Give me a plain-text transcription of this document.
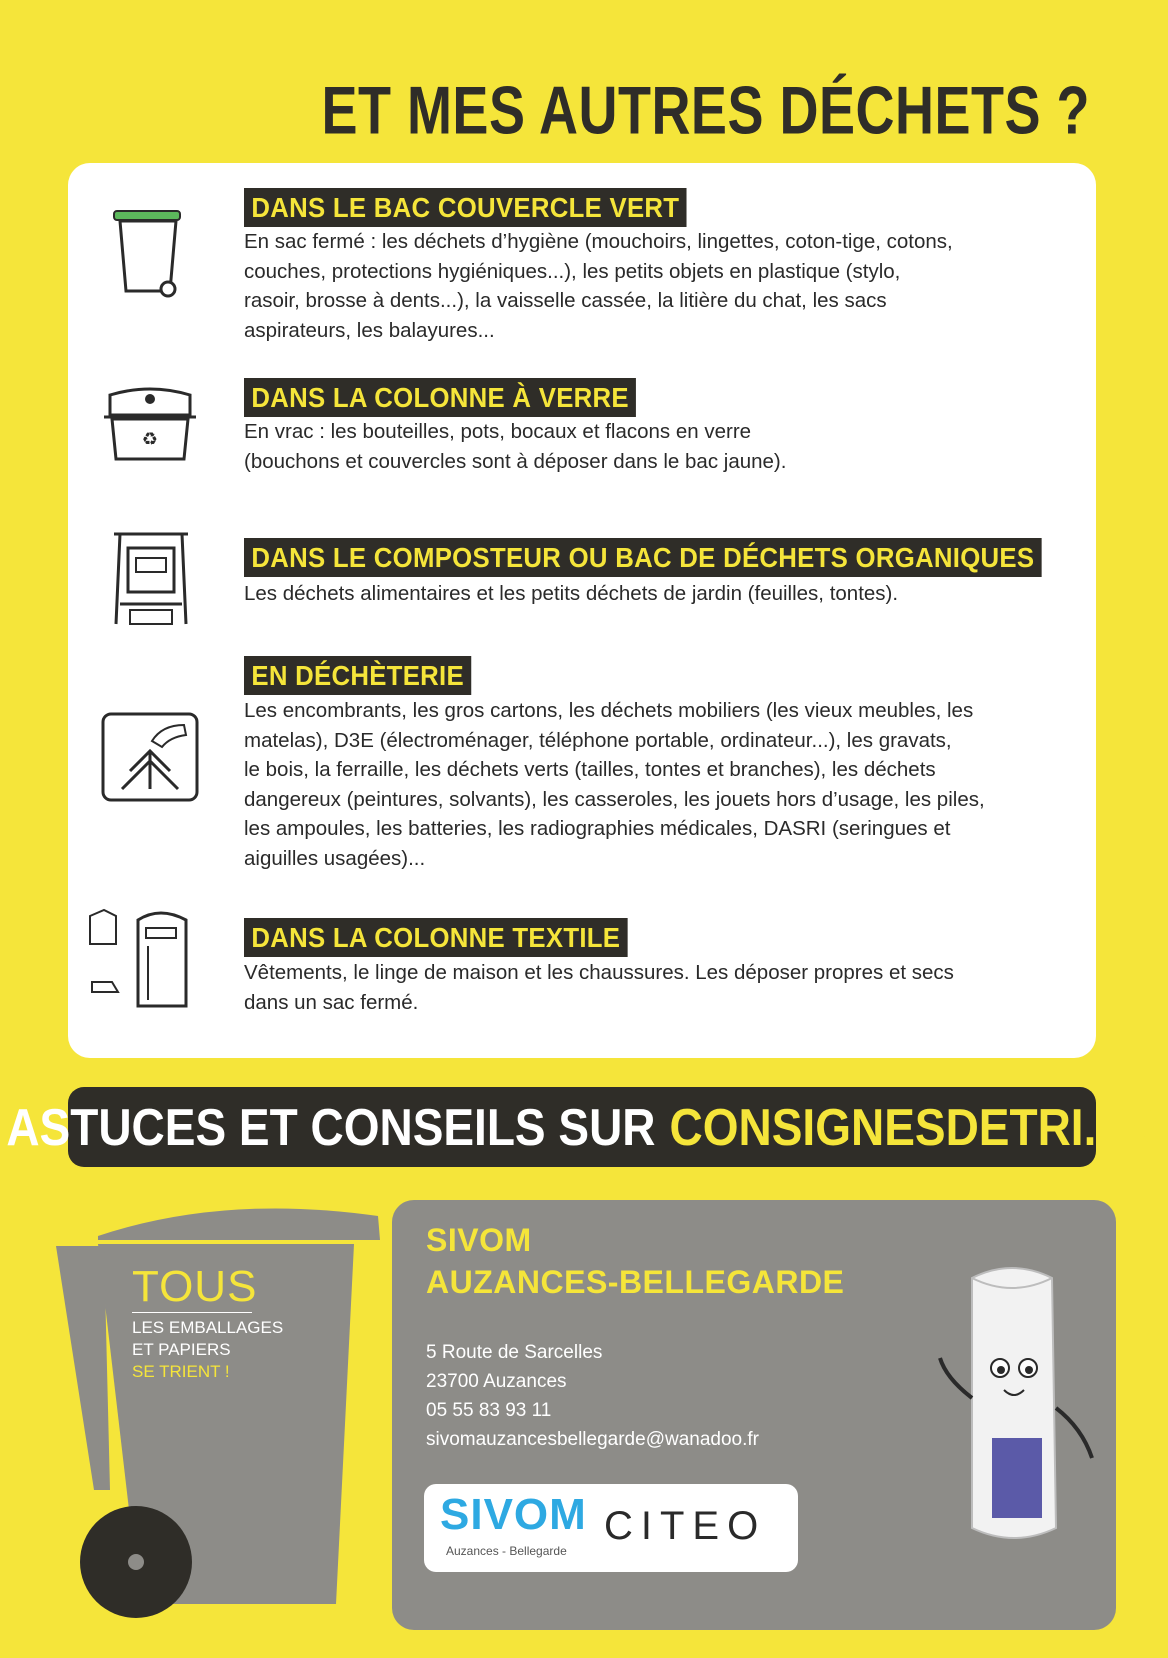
ET MES AUTRES DÉCHETS ?
DANS LE BAC COUVERCLE VERT
En sac fermé : les déchets d’hygiène (mouchoirs, lingettes, coton-tige, cotons,
couches, protections hygiéniques...), les petits objets en plastique (stylo,
rasoir, brosse à dents...), la vaisselle cassée, la litière du chat, les sacs
aspirateurs, les balayures...
♻
DANS LA COLONNE À VERRE
En vrac : les bouteilles, pots, bocaux et flacons en verre
(bouchons et couvercles sont à déposer dans le bac jaune).
DANS LE COMPOSTEUR OU BAC DE DÉCHETS ORGANIQUES
Les déchets alimentaires et les petits déchets de jardin (feuilles, tontes).
EN DÉCHÈTERIE
Les encombrants, les gros cartons, les déchets mobiliers (les vieux meubles, les
matelas), D3E (électroménager, téléphone portable, ordinateur...), les gravats,
le bois, la ferraille, les déchets verts (tailles, tontes et branches), les déchets
dangereux (peintures, solvants), les casseroles, les jouets hors d’usage, les piles,
les ampoules, les batteries, les radiographies médicales, DASRI (seringues et
aiguilles usagées)...
DANS LA COLONNE TEXTILE
Vêtements, le linge de maison et les chaussures. Les déposer propres et secs
dans un sac fermé.
ASTUCES ET CONSEILS SUR CONSIGNESDETRI.FR
TOUS
LES EMBALLAGES
ET PAPIERS
SE TRIENT !
SIVOM
AUZANCES-BELLEGARDE
5 Route de Sarcelles
23700 Auzances
05 55 83 93 11
sivomauzancesbellegarde@wanadoo.fr
SIVOM
Auzances - Bellegarde
CITEO
